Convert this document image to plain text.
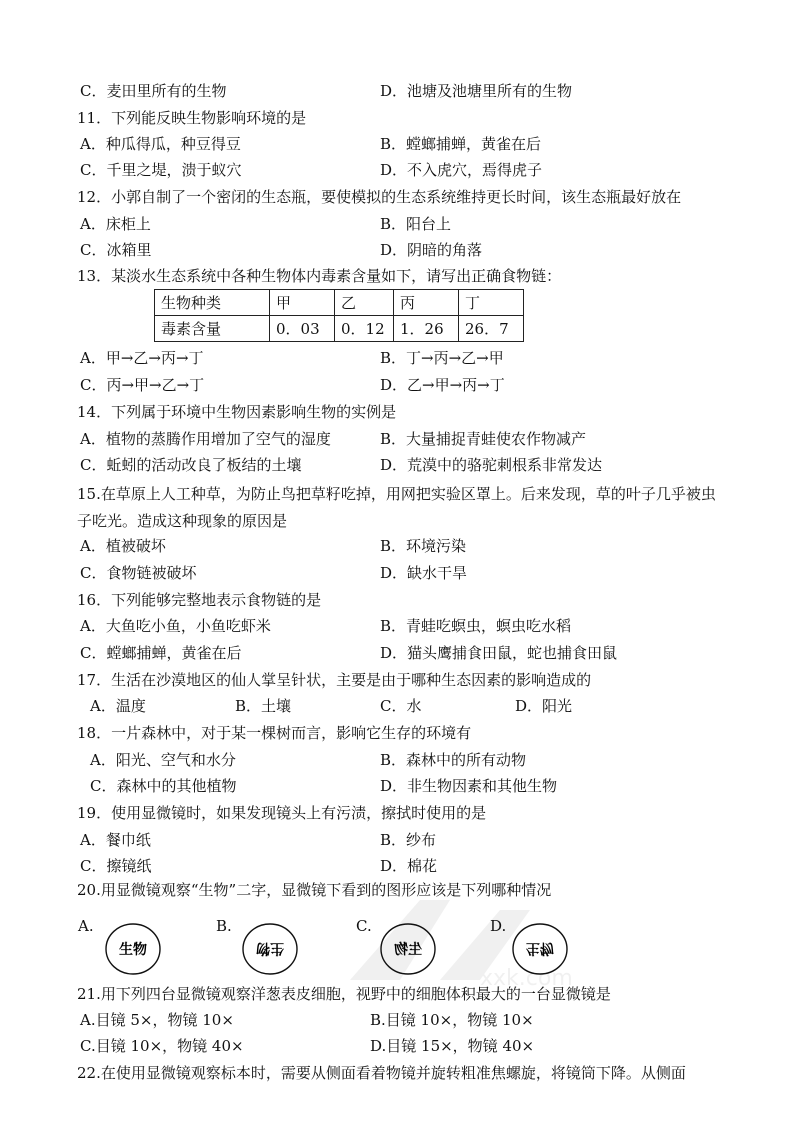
C．麦田里所有的生物	D．池塘及池塘里所有的生物
11．下列能反映生物影响环境的是
A．种瓜得瓜，种豆得豆	B．螳螂捕蝉，黄雀在后
C．千里之堤，溃于蚁穴	D．不入虎穴，焉得虎子
12．小郭自制了一个密闭的生态瓶，要使模拟的生态系统维持更长时间，该生态瓶最好放在
A．床柜上	B．阳台上
C．冰箱里	D．阴暗的角落
13．某淡水生态系统中各种生物体内毒素含量如下，请写出正确食物链：
生物种类	甲	乙	丙	丁
毒素含量	0．03	0．12	1．26	26．7
A．甲→乙→丙→丁	B．丁→丙→乙→甲
C．丙→甲→乙→丁	D．乙→甲→丙→丁
14．下列属于环境中生物因素影响生物的实例是
A．植物的蒸腾作用增加了空气的湿度	B．大量捕捉青蛙使农作物减产
C．蚯蚓的活动改良了板结的土壤	D．荒漠中的骆驼刺根系非常发达
15.在草原上人工种草，为防止鸟把草籽吃掉，用网把实验区罩上。后来发现，草的叶子几乎被虫子吃光。造成这种现象的原因是
A．植被破坏	B．环境污染
C．食物链被破坏	D．缺水干旱
16．下列能够完整地表示食物链的是
A．大鱼吃小鱼，小鱼吃虾米	B．青蛙吃螟虫，螟虫吃水稻
C．螳螂捕蝉，黄雀在后	D．猫头鹰捕食田鼠，蛇也捕食田鼠
17．生活在沙漠地区的仙人掌呈针状，主要是由于哪种生态因素的影响造成的
A．温度	B．土壤	C．水	D．阳光
18．一片森林中，对于某一棵树而言，影响它生存的环境有
A．阳光、空气和水分	B．森林中的所有动物
C．森林中的其他植物	D．非生物因素和其他生物
19．使用显微镜时，如果发现镜头上有污渍，擦拭时使用的是
A．餐巾纸	B．纱布
C．擦镜纸	D．棉花
20.用显微镜观察“生物”二字，显微镜下看到的图形应该是下列哪种情况
xxk.com
A.
生物
B.
生物
C.
生物
D.
生物
21.用下列四台显微镜观察洋葱表皮细胞，视野中的细胞体积最大的一台显微镜是
A.目镜 5×，物镜 10×	B.目镜 10×，物镜 10×
C.目镜 10×，物镜 40×	D.目镜 15×，物镜 40×
22.在使用显微镜观察标本时，需要从侧面看着物镜并旋转粗准焦螺旋，将镜筒下降。从侧面
